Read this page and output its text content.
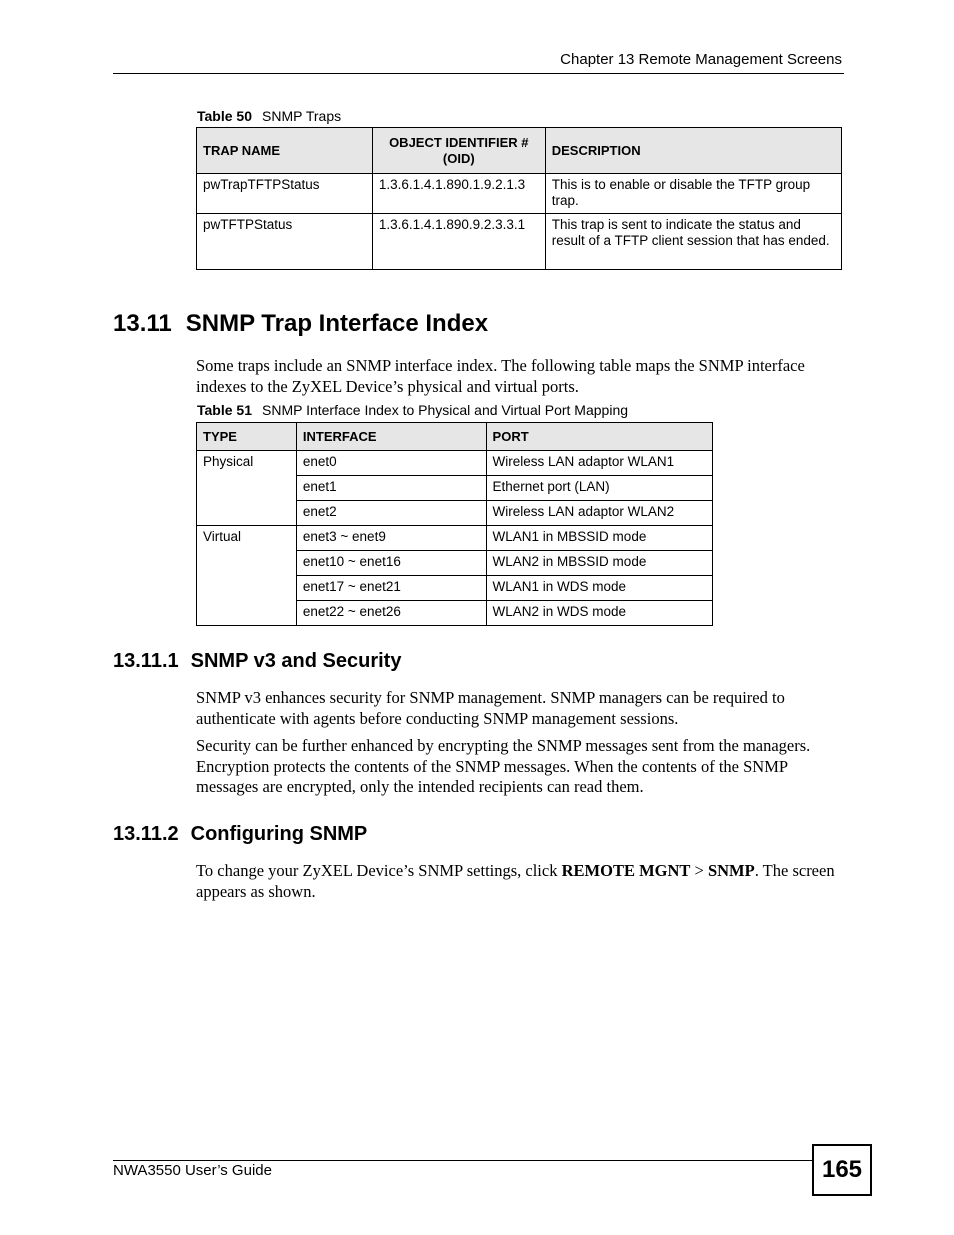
Chapter 13 Remote Management Screens
Table 50 SNMP Traps
TRAP NAME	OBJECT IDENTIFIER # (OID)	DESCRIPTION
pwTrapTFTPStatus	1.3.6.1.4.1.890.1.9.2.1.3	This is to enable or disable the TFTP group trap.
pwTFTPStatus	1.3.6.1.4.1.890.9.2.3.3.1	This trap is sent to indicate the status and result of a TFTP client session that has ended.
13.11 SNMP Trap Interface Index
Some traps include an SNMP interface index. The following table maps the SNMP interface indexes to the ZyXEL Device’s physical and virtual ports.
Table 51 SNMP Interface Index to Physical and Virtual Port Mapping
TYPE	INTERFACE	PORT
Physical	enet0	Wireless LAN adaptor WLAN1
	enet1	Ethernet port (LAN)
	enet2	Wireless LAN adaptor WLAN2
Virtual	enet3 ~ enet9	WLAN1 in MBSSID mode
	enet10 ~ enet16	WLAN2 in MBSSID mode
	enet17 ~ enet21	WLAN1 in WDS mode
	enet22 ~ enet26	WLAN2 in WDS mode
13.11.1 SNMP v3 and Security
SNMP v3 enhances security for SNMP management. SNMP managers can be required to authenticate with agents before conducting SNMP management sessions.
Security can be further enhanced by encrypting the SNMP messages sent from the managers. Encryption protects the contents of the SNMP messages. When the contents of the SNMP messages are encrypted, only the intended recipients can read them.
13.11.2 Configuring SNMP
To change your ZyXEL Device’s SNMP settings, click REMOTE MGNT > SNMP. The screen appears as shown.
NWA3550 User’s Guide	165
